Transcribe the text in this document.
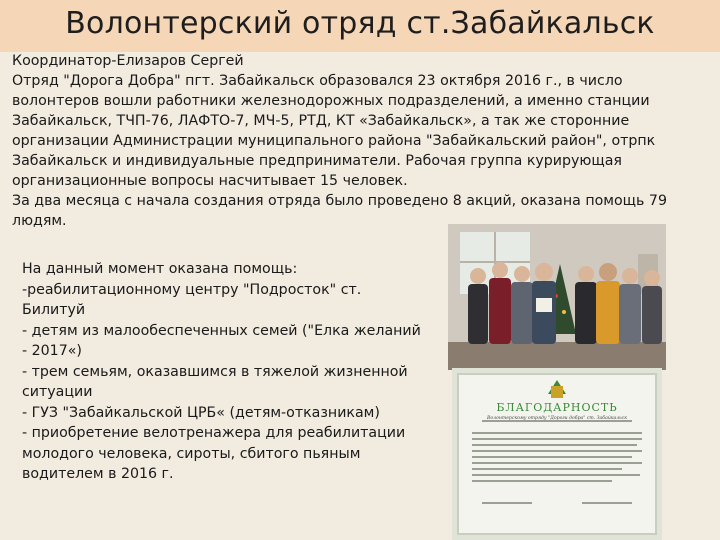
Волонтерский отряд ст.Забайкальск

Координатор-Елизаров Сергей

Отряд "Дорога Добра" пгт. Забайкальск образовался 23 октября 2016 г., в число волонтеров вошли работники железнодорожных подразделений, а именно станции Забайкальск, ТЧП-76, ЛАФТО-7, МЧ-5, РТД, КТ «Забайкальск», а так же сторонние организации Администрации муниципального района "Забайкальский район", отрпк Забайкальск и индивидуальные предприниматели. Рабочая группа курирующая организационные вопросы насчитывает 15 человек.

За два месяца с начала создания отряда было проведено 8 акций, оказана помощь 79 людям.

На данный момент оказана помощь:

-реабилитационному центру "Подросток" ст. Билитуй

- детям из малообеспеченных семей ("Елка желаний - 2017«)

- трем семьям, оказавшимся в тяжелой жизненной ситуации

- ГУЗ "Забайкальской ЦРБ« (детям-отказникам)

- приобретение велотренажера для реабилитации молодого человека, сироты, сбитого пьяным водителем в 2016 г.

БЛАГОДАРНОСТЬ
Волонтерскому отряду "Дороги добра" ст. Забайкальск
